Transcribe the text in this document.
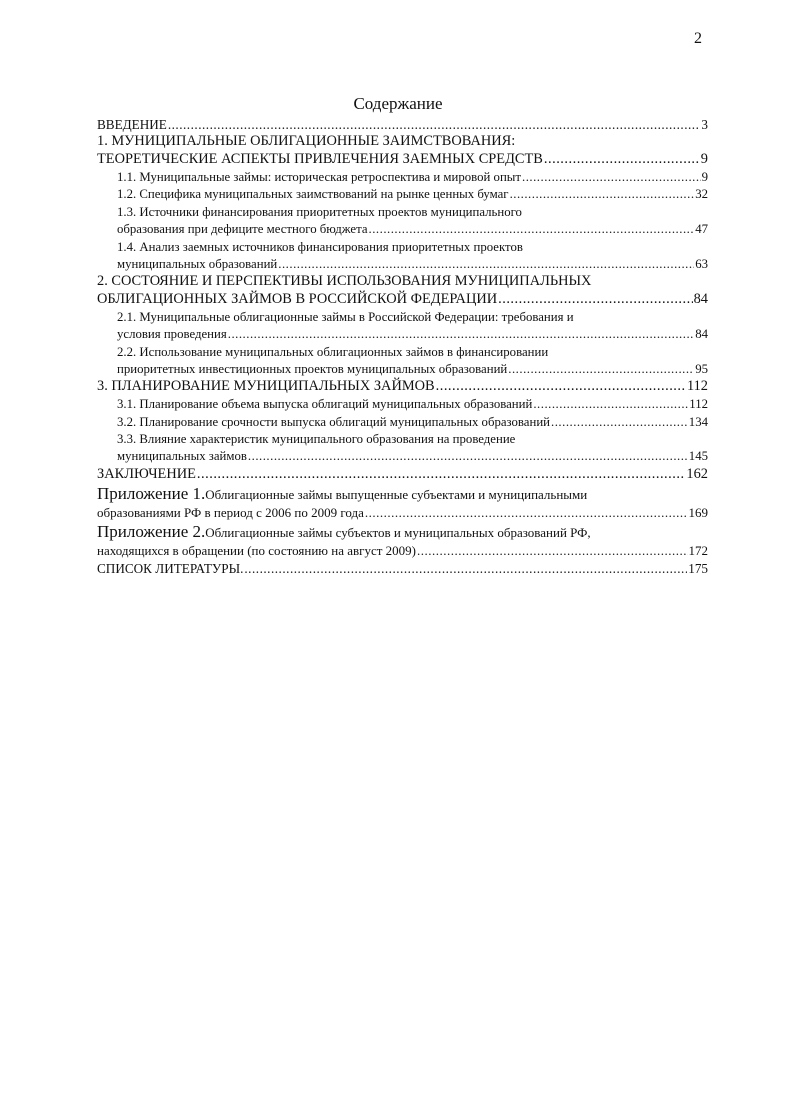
2
Содержание
ВВЕДЕНИЕ .....	3
1. МУНИЦИПАЛЬНЫЕ ОБЛИГАЦИОННЫЕ ЗАИМСТВОВАНИЯ:
ТЕОРЕТИЧЕСКИЕ АСПЕКТЫ ПРИВЛЕЧЕНИЯ ЗАЕМНЫХ СРЕДСТВ .....	9
1.1. Муниципальные займы: историческая ретроспектива и мировой опыт .....	9
1.2. Специфика муниципальных заимствований на рынке ценных бумаг .....	32
1.3. Источники финансирования приоритетных проектов муниципального
образования при дефиците местного бюджета .....	47
1.4. Анализ заемных источников финансирования приоритетных проектов
муниципальных образований .....	63
2. СОСТОЯНИЕ И ПЕРСПЕКТИВЫ ИСПОЛЬЗОВАНИЯ МУНИЦИПАЛЬНЫХ
ОБЛИГАЦИОННЫХ ЗАЙМОВ В РОССИЙСКОЙ ФЕДЕРАЦИИ .....	84
2.1. Муниципальные облигационные займы в Российской Федерации: требования и
условия проведения .....	84
2.2. Использование муниципальных облигационных займов в финансировании
приоритетных инвестиционных проектов муниципальных образований .....	95
3. ПЛАНИРОВАНИЕ МУНИЦИПАЛЬНЫХ ЗАЙМОВ .....	112
3.1. Планирование объема выпуска облигаций муниципальных образований .....	112
3.2. Планирование срочности выпуска облигаций муниципальных образований .....	134
3.3. Влияние характеристик муниципального образования на проведение
муниципальных займов .....	145
ЗАКЛЮЧЕНИЕ .....	162
Приложение 1. Облигационные займы выпущенные субъектами и муниципальными
образованиями РФ в период с 2006 по 2009 года .....	169
Приложение 2. Облигационные займы субъектов и муниципальных образований РФ,
находящихся в обращении (по состоянию на август 2009) .....	172
СПИСОК ЛИТЕРАТУРЫ. .....	175
